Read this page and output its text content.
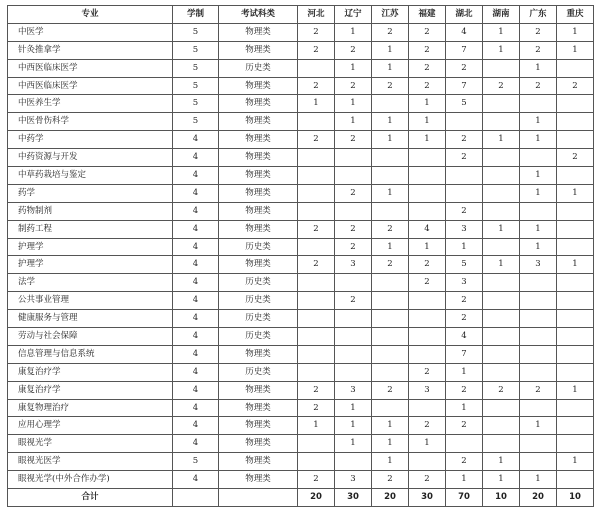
专业	学制	考试科类	河北	辽宁	江苏	福建	湖北	湖南	广东	重庆
中医学	5	物理类	2	1	2	2	4	1	2	1
针灸推拿学	5	物理类	2	2	1	2	7	1	2	1
中西医临床医学	5	历史类		1	1	2	2		1	
中西医临床医学	5	物理类	2	2	2	2	7	2	2	2
中医养生学	5	物理类	1	1		1	5			
中医骨伤科学	5	物理类		1	1	1			1	
中药学	4	物理类	2	2	1	1	2	1	1	
中药资源与开发	4	物理类					2			2
中草药栽培与鉴定	4	物理类							1	
药学	4	物理类		2	1				1	1
药物制剂	4	物理类					2			
制药工程	4	物理类	2	2	2	4	3	1	1	
护理学	4	历史类		2	1	1	1		1	
护理学	4	物理类	2	3	2	2	5	1	3	1
法学	4	历史类				2	3			
公共事业管理	4	历史类		2			2			
健康服务与管理	4	历史类					2			
劳动与社会保障	4	历史类					4			
信息管理与信息系统	4	物理类					7			
康复治疗学	4	历史类				2	1			
康复治疗学	4	物理类	2	3	2	3	2	2	2	1
康复物理治疗	4	物理类	2	1			1			
应用心理学	4	物理类	1	1	1	2	2		1	
眼视光学	4	物理类		1	1	1				
眼视光医学	5	物理类			1		2	1		1
眼视光学(中外合作办学)	4	物理类	2	3	2	2	1	1	1	
合计			20	30	20	30	70	10	20	10
